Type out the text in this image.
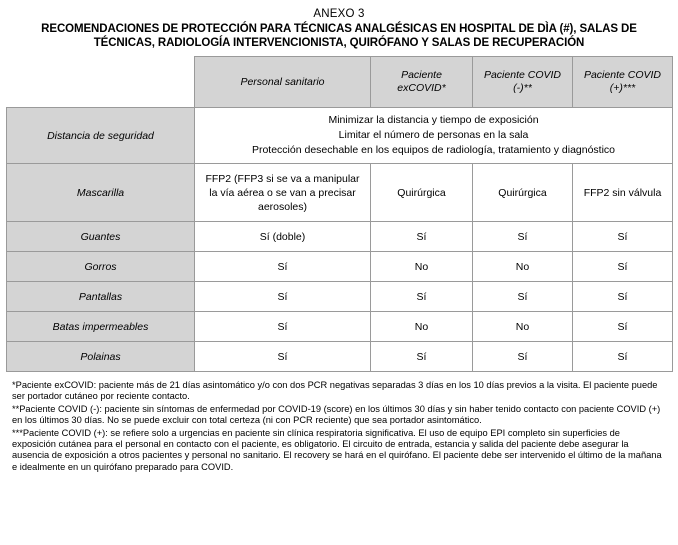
ANEXO 3
RECOMENDACIONES DE PROTECCIÓN PARA TÉCNICAS ANALGÉSICAS EN HOSPITAL DE DÌA (#), SALAS DE
TÉCNICAS, RADIOLOGÍA INTERVENCIONISTA, QUIRÓFANO Y SALAS DE RECUPERACIÓN
	Personal sanitario	Paciente exCOVID*	Paciente COVID (-)**	Paciente COVID (+)***
Distancia de seguridad	Minimizar la distancia y tiempo de exposición
Limitar el número de personas en la sala
Protección desechable en los equipos de radiología, tratamiento y diagnóstico			

Mascarilla	FFP2 (FFP3 si se va a manipular la vía aérea o se van a precisar aerosoles)	Quirúrgica	Quirúrgica	FFP2 sin válvula
Guantes	Sí (doble)	Sí	Sí	Sí
Gorros	Sí	No	No	Sí
Pantallas	Sí	Sí	Sí	Sí
Batas impermeables	Sí	No	No	Sí
Polainas	Sí	Sí	Sí	Sí

*Paciente exCOVID: paciente más de 21 días asintomático y/o con dos PCR negativas separadas 3 días en los 10 días previos a la visita. El paciente puede ser portador cutáneo por reciente contacto.

**Paciente COVID (-): paciente sin síntomas de enfermedad por COVID-19 (score) en los últimos 30 días y sin haber tenido contacto con paciente COVID (+) en los últimos 30 días. No se puede excluir con total certeza (ni con PCR reciente) que sea portador asintomático.

***Paciente COVID (+): se refiere solo a urgencias en paciente sin clínica respiratoria significativa. El uso de equipo EPI completo sin superficies de exposición cutánea para el personal en contacto con el paciente, es obligatorio. El circuito de entrada, estancia y salida del paciente debe asegurar la ausencia de exposición a otros pacientes y personal no sanitario. El recovery se hará en el quirófano. El paciente debe ser intervenido el último de la mañana e idealmente en un quirófano preparado para COVID.
